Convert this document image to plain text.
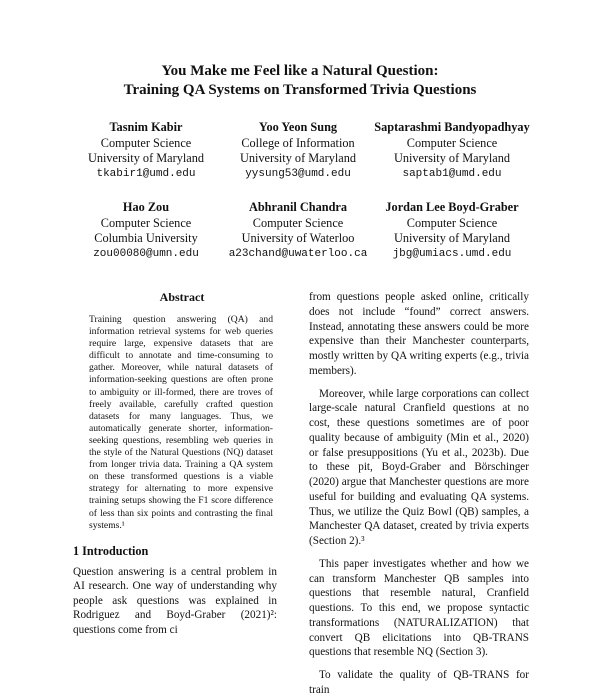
You Make me Feel like a Natural Question:
Training QA Systems on Transformed Trivia Questions
Tasnim Kabir
Computer Science
University of Maryland
tkabir1@umd.edu
Yoo Yeon Sung
College of Information
University of Maryland
yysung53@umd.edu
Saptarashmi Bandyopadhyay
Computer Science
University of Maryland
saptab1@umd.edu
Hao Zou
Computer Science
Columbia University
zou00080@umn.edu
Abhranil Chandra
Computer Science
University of Waterloo
a23chand@uwaterloo.ca
Jordan Lee Boyd-Graber
Computer Science
University of Maryland
jbg@umiacs.umd.edu
Abstract

Training question answering (QA) and information retrieval systems for web queries require large, expensive datasets that are difficult to annotate and time-consuming to gather. Moreover, while natural datasets of information-seeking questions are often prone to ambiguity or ill-formed, there are troves of freely available, carefully crafted question datasets for many languages. Thus, we automatically generate shorter, information-seeking questions, resembling web queries in the style of the Natural Questions (NQ) dataset from longer trivia data. Training a QA system on these transformed questions is a viable strategy for alternating to more expensive training setups showing the F1 score difference of less than six points and contrasting the final systems.¹

1 Introduction

Question answering is a central problem in AI research. One way of understanding why people ask questions was explained in Rodriguez and Boyd-Graber (2021)²: questions come from ci

from questions people asked online, critically does not include “found” correct answers. Instead, annotating these answers could be more expensive than their Manchester counterparts, mostly written by QA writing experts (e.g., trivia members).

Moreover, while large corporations can collect large-scale natural Cranfield questions at no cost, these questions sometimes are of poor quality because of ambiguity (Min et al., 2020) or false presuppositions (Yu et al., 2023b). Due to these pit, Boyd-Graber and Börschinger (2020) argue that Manchester questions are more useful for building and evaluating QA systems. Thus, we utilize the Quiz Bowl (QB) samples, a Manchester QA dataset, created by trivia experts (Section 2).³

This paper investigates whether and how we can transform Manchester QB samples into questions that resemble natural, Cranfield questions. To this end, we propose syntactic transformations (NATURALIZATION) that convert QB elicitations into QB-TRANS questions that resemble NQ (Section 3).

To validate the quality of QB-TRANS for train
